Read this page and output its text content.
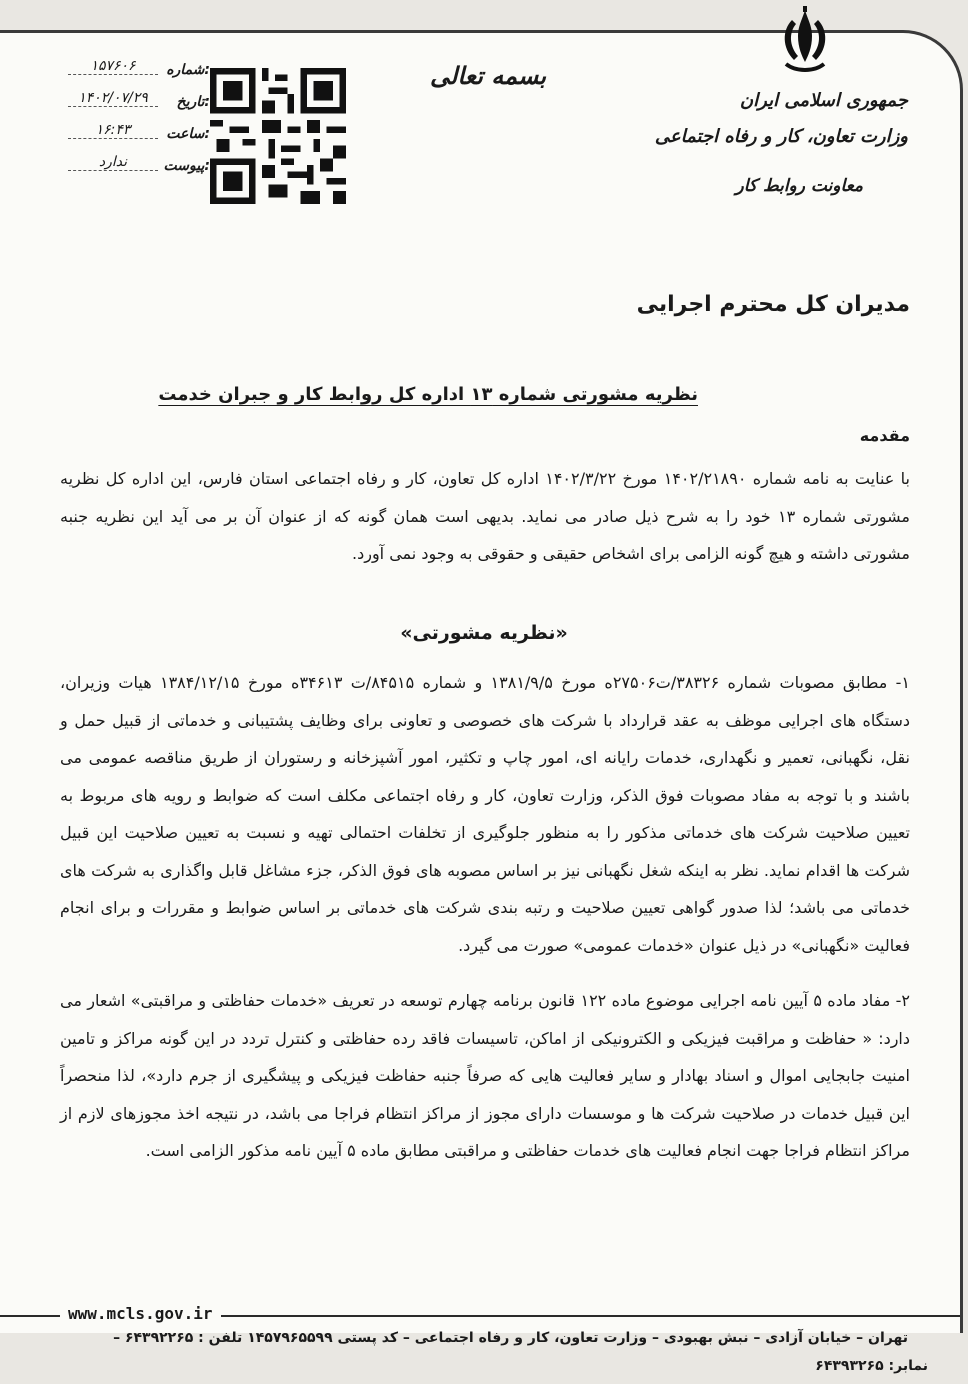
جمهوری اسلامی ایران
وزارت تعاون، کار و رفاه اجتماعی
معاونت روابط کار
بسمه تعالی
شماره:
۱۵۷۶۰۶
تاریخ:
۱۴۰۲/۰۷/۲۹
ساعت:
۱۶:۴۳
پیوست:
ندارد
مدیران کل محترم اجرایی
نظریه مشورتی شماره ۱۳ اداره کل روابط کار و جبران خدمت
مقدمه
با عنایت به نامه شماره ۱۴۰۲/۲۱۸۹۰ مورخ ۱۴۰۲/۳/۲۲ اداره کل تعاون، کار و رفاه اجتماعی استان فارس، این اداره کل نظریه مشورتی شماره ۱۳ خود را به شرح ذیل صادر می نماید. بدیهی است همان گونه که از عنوان آن بر می آید این نظریه جنبه مشورتی داشته و هیچ گونه الزامی برای اشخاص حقیقی و حقوقی به وجود نمی آورد.
«نظریه مشورتی»
۱- مطابق مصوبات شماره ۳۸۳۲۶/ت۲۷۵۰۶ه مورخ ۱۳۸۱/۹/۵ و شماره ۸۴۵۱۵/ت ۳۴۶۱۳ه مورخ ۱۳۸۴/۱۲/۱۵ هیات وزیران، دستگاه های اجرایی موظف به عقد قرارداد با شرکت های خصوصی و تعاونی برای وظایف پشتیبانی و خدماتی از قبیل حمل و نقل، نگهبانی، تعمیر و نگهداری، خدمات رایانه ای، امور چاپ و تکثیر، امور آشپزخانه و رستوران از طریق مناقصه عمومی می باشند و با توجه به مفاد مصوبات فوق الذکر، وزارت تعاون، کار و رفاه اجتماعی مکلف است که ضوابط و رویه های مربوط به تعیین صلاحیت شرکت های خدماتی مذکور را به منظور جلوگیری از تخلفات احتمالی تهیه و نسبت به تعیین صلاحیت این قبیل شرکت ها اقدام نماید. نظر به اینکه شغل نگهبانی نیز بر اساس مصوبه های فوق الذکر، جزء مشاغل قابل واگذاری به شرکت های خدماتی می باشد؛ لذا صدور گواهی تعیین صلاحیت و رتبه بندی شرکت های خدماتی بر اساس ضوابط و مقررات و برای انجام فعالیت «نگهبانی» در ذیل عنوان «خدمات عمومی» صورت می گیرد.
۲- مفاد ماده ۵ آیین نامه اجرایی موضوع ماده ۱۲۲ قانون برنامه چهارم توسعه در تعریف «خدمات حفاظتی و مراقبتی» اشعار می دارد: « حفاظت و مراقبت فیزیکی و الکترونیکی از اماکن، تاسیسات فاقد رده حفاظتی و کنترل تردد در این گونه مراکز و تامین امنیت جابجایی اموال و اسناد بهادار و سایر فعالیت هایی که صرفاً جنبه حفاظت فیزیکی و پیشگیری از جرم دارد»، لذا منحصراً این قبیل خدمات در صلاحیت شرکت ها و موسسات دارای مجوز از مراکز انتظام فراجا می باشد، در نتیجه اخذ مجوزهای لازم از مراکز انتظام فراجا جهت انجام فعالیت های خدمات حفاظتی و مراقبتی مطابق ماده ۵ آیین نامه مذکور الزامی است.
www.mcls.gov.ir
تهران – خیابان آزادی – نبش بهبودی – وزارت تعاون، کار و رفاه اجتماعی – کد پستی ۱۴۵۷۹۶۵۵۹۹ تلفن : ۶۴۳۹۲۲۶۵ –
نمابر: ۶۴۳۹۳۲۶۵
